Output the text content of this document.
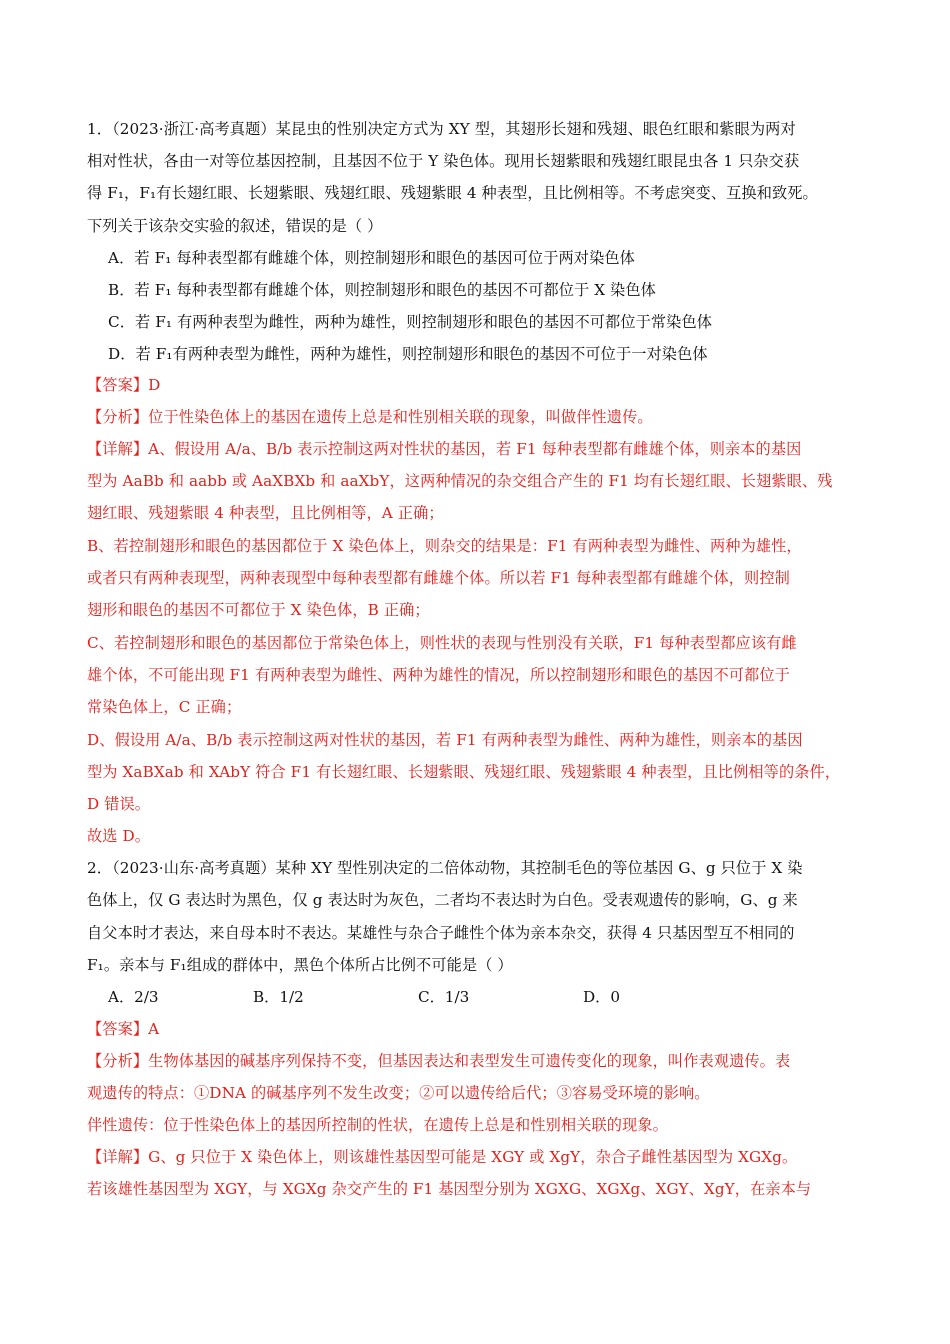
1．（2023·浙江·高考真题）某昆虫的性别决定方式为 XY 型，其翅形长翅和残翅、眼色红眼和紫眼为两对
相对性状，各由一对等位基因控制，且基因不位于 Y 染色体。现用长翅紫眼和残翅红眼昆虫各 1 只杂交获
得 F₁，F₁有长翅红眼、长翅紫眼、残翅红眼、残翅紫眼 4 种表型，且比例相等。不考虑突变、互换和致死。
下列关于该杂交实验的叙述，错误的是（ ）
A．若 F₁ 每种表型都有雌雄个体，则控制翅形和眼色的基因可位于两对染色体
B．若 F₁ 每种表型都有雌雄个体，则控制翅形和眼色的基因不可都位于 X 染色体
C．若 F₁ 有两种表型为雌性，两种为雄性，则控制翅形和眼色的基因不可都位于常染色体
D．若 F₁有两种表型为雌性，两种为雄性，则控制翅形和眼色的基因不可位于一对染色体
【答案】D
【分析】位于性染色体上的基因在遗传上总是和性别相关联的现象，叫做伴性遗传。
【详解】A、假设用 A/a、B/b 表示控制这两对性状的基因，若 F1 每种表型都有雌雄个体，则亲本的基因
型为 AaBb 和 aabb 或 AaXBXb 和 aaXbY，这两种情况的杂交组合产生的 F1 均有长翅红眼、长翅紫眼、残
翅红眼、残翅紫眼 4 种表型，且比例相等，A 正确；
B、若控制翅形和眼色的基因都位于 X 染色体上，则杂交的结果是：F1 有两种表型为雌性、两种为雄性，
或者只有两种表现型，两种表现型中每种表型都有雌雄个体。所以若 F1 每种表型都有雌雄个体，则控制
翅形和眼色的基因不可都位于 X 染色体，B 正确；
C、若控制翅形和眼色的基因都位于常染色体上，则性状的表现与性别没有关联，F1 每种表型都应该有雌
雄个体，不可能出现 F1 有两种表型为雌性、两种为雄性的情况，所以控制翅形和眼色的基因不可都位于
常染色体上，C 正确；
D、假设用 A/a、B/b 表示控制这两对性状的基因，若 F1 有两种表型为雌性、两种为雄性，则亲本的基因
型为 XaBXab 和 XAbY 符合 F1 有长翅红眼、长翅紫眼、残翅红眼、残翅紫眼 4 种表型，且比例相等的条件，
D 错误。
故选 D。
2．（2023·山东·高考真题）某种 XY 型性别决定的二倍体动物，其控制毛色的等位基因 G、g 只位于 X 染
色体上，仅 G 表达时为黑色，仅 g 表达时为灰色，二者均不表达时为白色。受表观遗传的影响，G、g 来
自父本时才表达，来自母本时不表达。某雄性与杂合子雌性个体为亲本杂交，获得 4 只基因型互不相同的
F₁。亲本与 F₁组成的群体中，黑色个体所占比例不可能是（ ）
A．2/3	B．1/2	C．1/3	D．0
【答案】A
【分析】生物体基因的碱基序列保持不变，但基因表达和表型发生可遗传变化的现象，叫作表观遗传。表
观遗传的特点：①DNA 的碱基序列不发生改变；②可以遗传给后代；③容易受环境的影响。
伴性遗传：位于性染色体上的基因所控制的性状，在遗传上总是和性别相关联的现象。
【详解】G、g 只位于 X 染色体上，则该雄性基因型可能是 XGY 或 XgY，杂合子雌性基因型为 XGXg。
若该雄性基因型为 XGY，与 XGXg 杂交产生的 F1 基因型分别为 XGXG、XGXg、XGY、XgY，在亲本与
